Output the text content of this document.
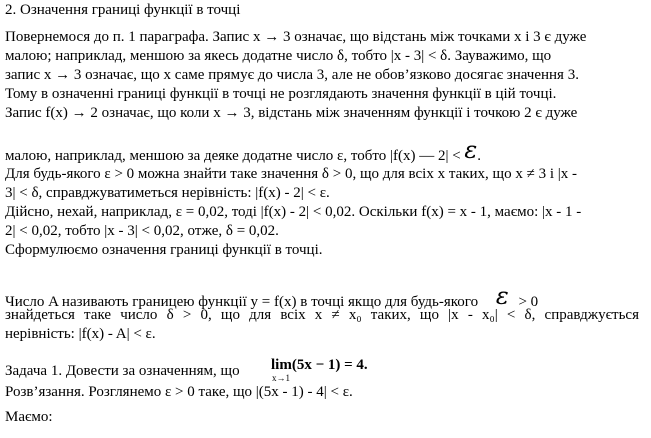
2. Означення границі функції в точці
Повернемося до п. 1 параграфа. Запис x → 3 означає, що відстань між точками x і 3 є дуже
малою; наприклад, меншою за якесь додатне число δ, тобто |x - 3| < δ. Зауважимо, що
запис x → 3 означає, що x саме прямує до числа 3, але не обов’язково досягає значення 3.
Тому в означенні границі функції в точці не розглядають значення функції в цій точці.
Запис f(x) → 2 означає, що коли x → 3, відстань між значенням функції і точкою 2 є дуже
малою, наприклад, меншою за деяке додатне число ε, тобто |f(x) — 2| < ε.
Для будь-якого ε > 0 можна знайти таке значення δ > 0, що для всіх x таких, що x ≠ 3 і |x -
3| < δ, справджуватиметься нерівність: |f(x) - 2| < ε.
Дійсно, нехай, наприклад, ε = 0,02, тоді |f(x) - 2| < 0,02. Оскільки f(x) = x - 1, маємо: |x - 1 -
2| < 0,02, тобто |x - 3| < 0,02, отже, δ = 0,02.
Сформулюємо означення границі функції в точці.
Число A називають границею функції y = f(x) в точці якщо для будь-якого ε > 0
знайдеться таке число δ > 0, що для всіх x ≠ x₀ таких, що |x - x₀| < δ, справджується
нерівність: |f(x) - A| < ε.
Задача 1. Довести за означенням, що lim(5x − 1) = 4.
x→1
Розв’язання. Розглянемо ε > 0 таке, що |(5x - 1) - 4| < ε.
Маємо:
